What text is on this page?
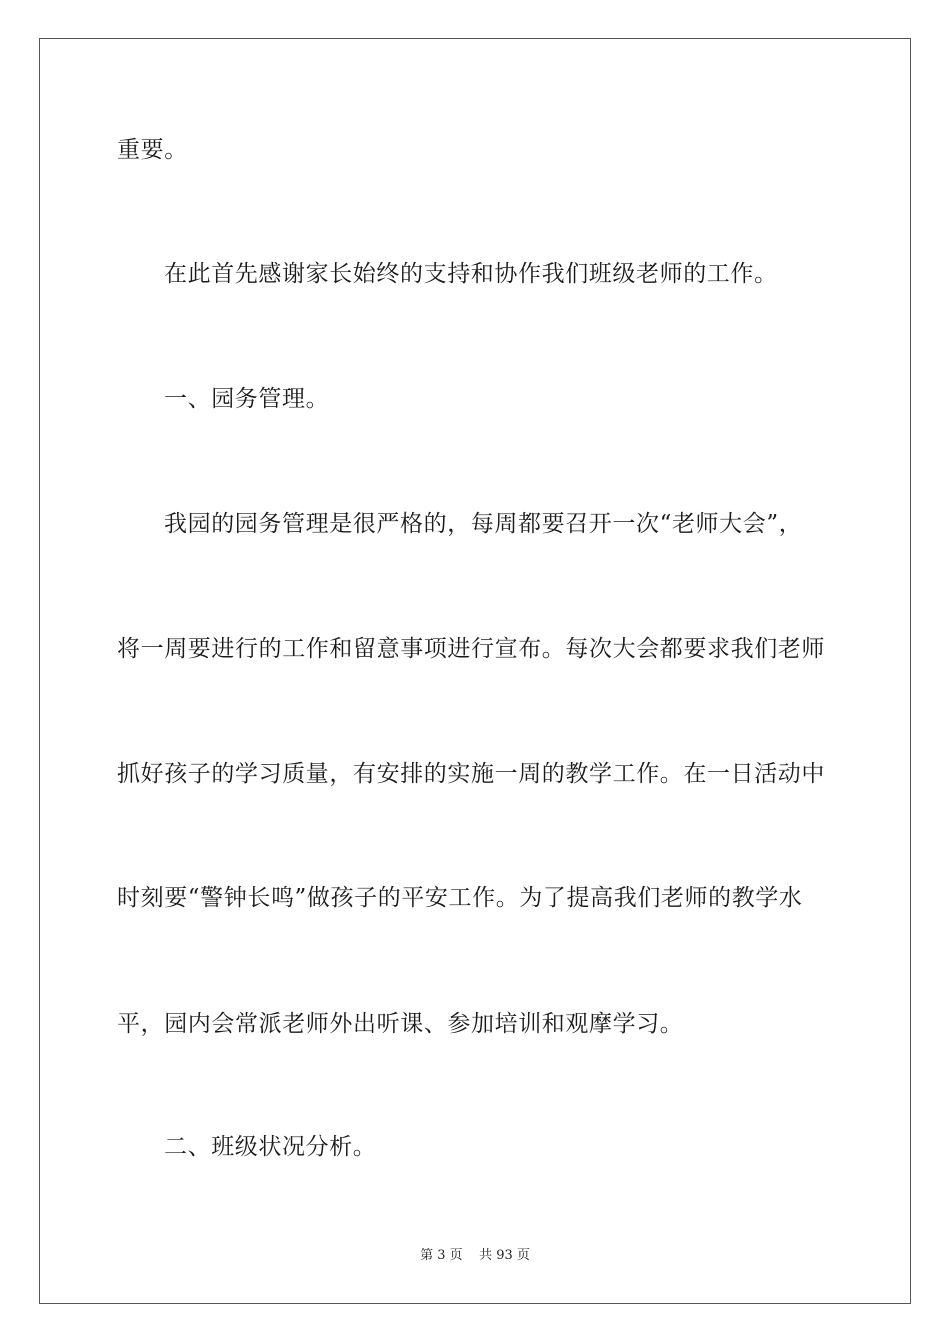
重要。
在此首先感谢家长始终的支持和协作我们班级老师的工作。
一、园务管理。
我园的园务管理是很严格的，每周都要召开一次“老师大会”，
将一周要进行的工作和留意事项进行宣布。每次大会都要求我们老师
抓好孩子的学习质量，有安排的实施一周的教学工作。在一日活动中
时刻要“警钟长鸣”做孩子的平安工作。为了提高我们老师的教学水
平，园内会常派老师外出听课、参加培训和观摩学习。
二、班级状况分析。
第 3 页    共 93 页
